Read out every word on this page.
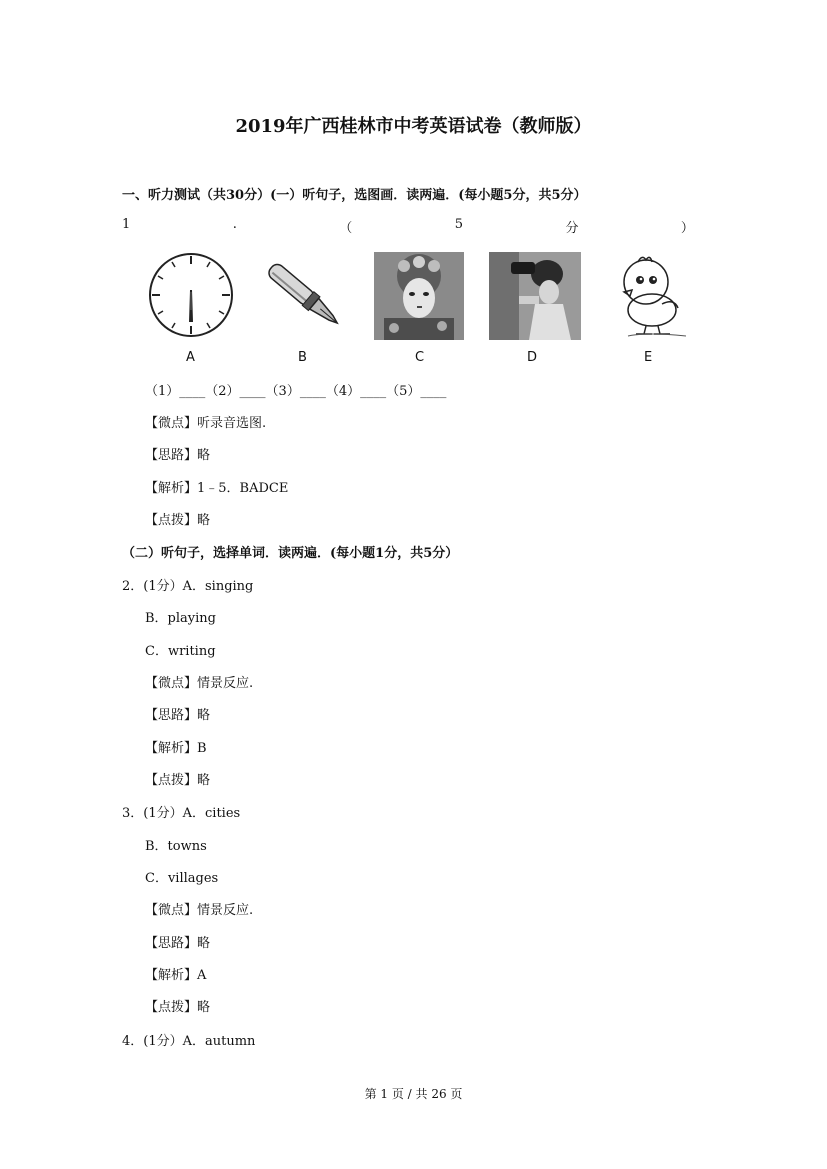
2019年广西桂林市中考英语试卷（教师版）
一、听力测试（共30分）(一）听句子，选图画．读两遍．(每小题5分，共5分）
1	.	（	5	分	）
A	B	C	D	E
（1）____（2）____（3）____（4）____（5）____
【微点】听录音选图.
【思路】略
【解析】1﹣5．BADCE
【点拨】略
（二）听句子，选择单词．读两遍．(每小题1分，共5分）
2．(1分）A．singing
B．playing
C．writing
【微点】情景反应.
【思路】略
【解析】B
【点拨】略
3．(1分）A．cities
B．towns
C．villages
【微点】情景反应.
【思路】略
【解析】A
【点拨】略
4．(1分）A．autumn
第 1 页 / 共 26 页
